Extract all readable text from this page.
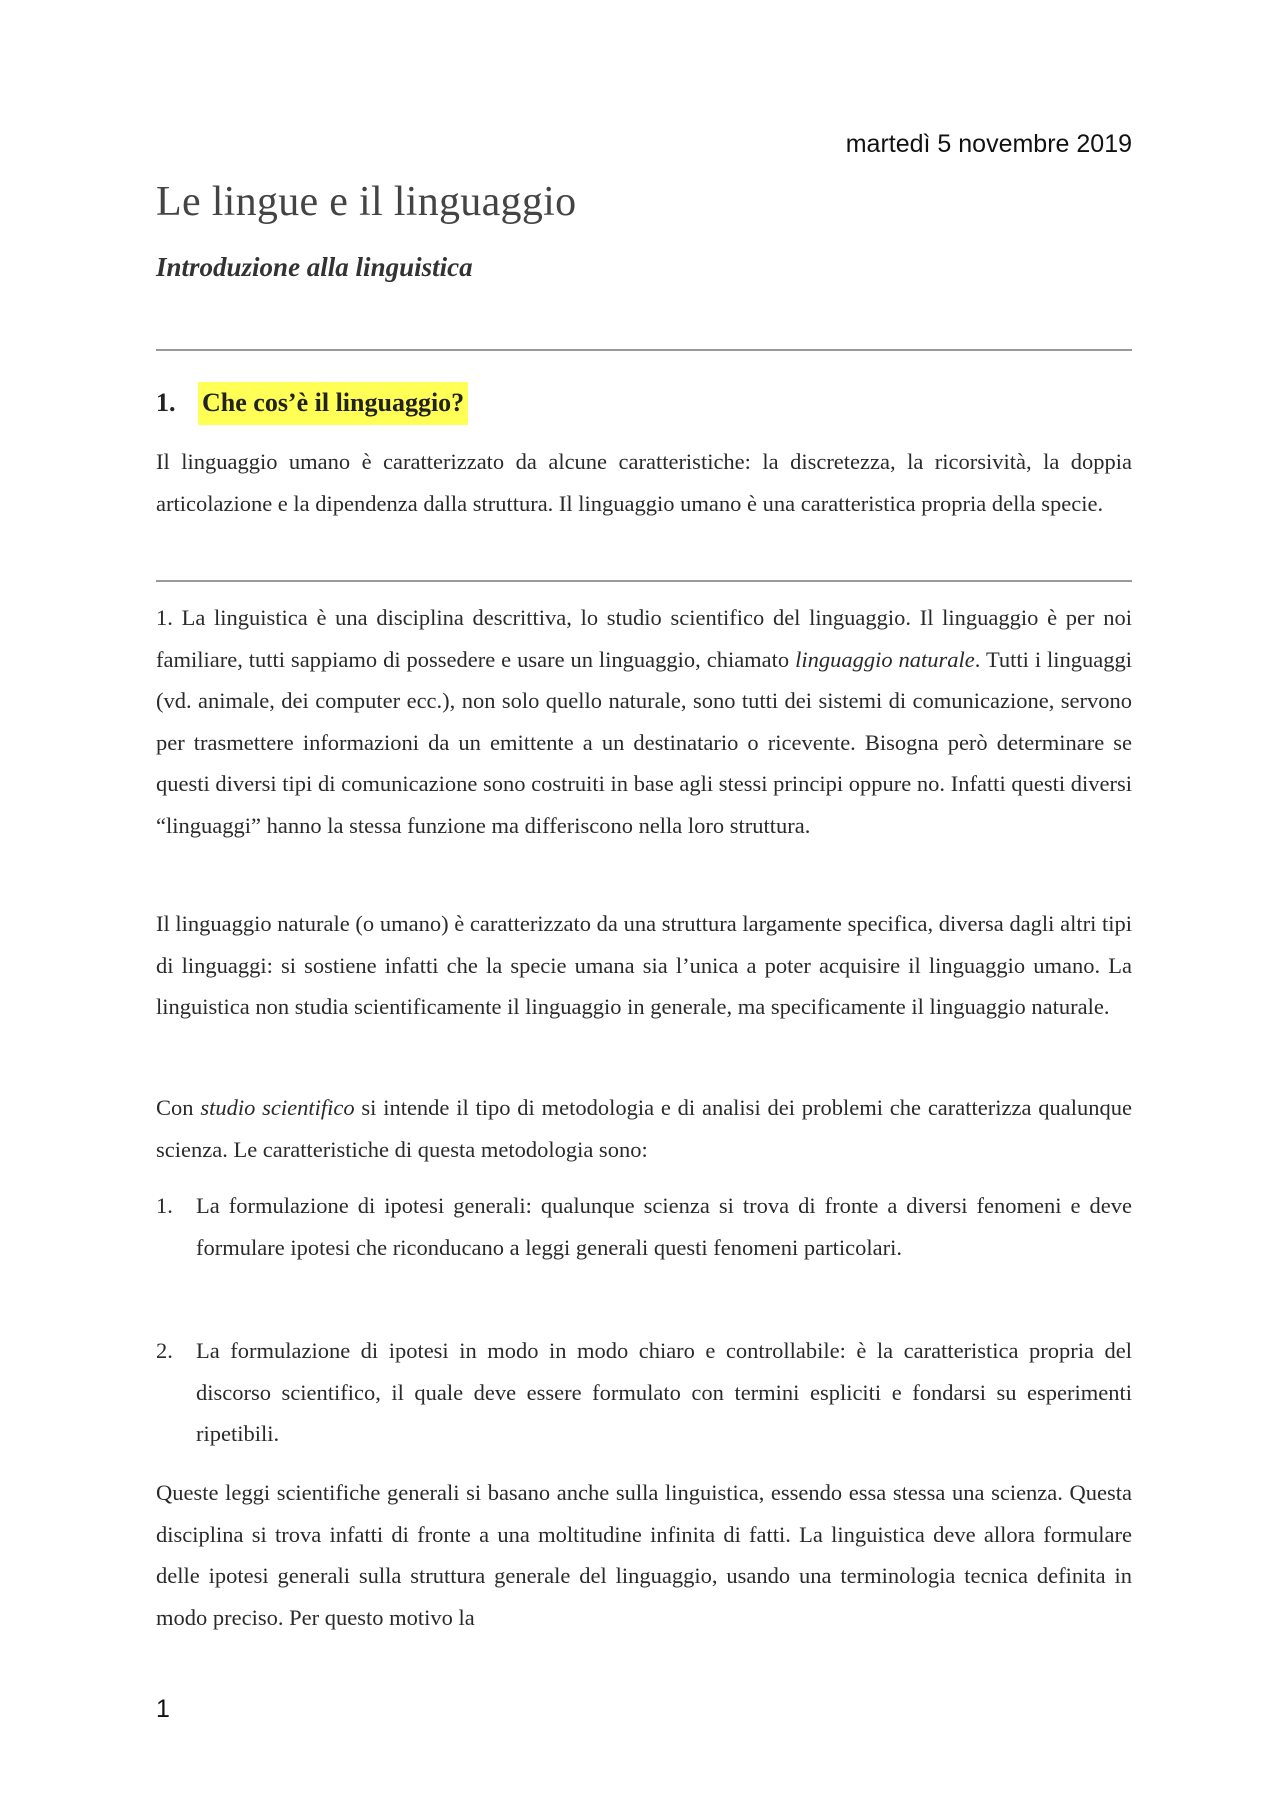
martedì 5 novembre 2019
Le lingue e il linguaggio
Introduzione alla linguistica
1. Che cos’è il linguaggio?

Il linguaggio umano è caratterizzato da alcune caratteristiche: la discretezza, la ricorsività, la doppia articolazione e la dipendenza dalla struttura. Il linguaggio umano è una caratteristica propria della specie.

1. La linguistica è una disciplina descrittiva, lo studio scientifico del linguaggio. Il linguaggio è per noi familiare, tutti sappiamo di possedere e usare un linguaggio, chiamato linguaggio naturale. Tutti i linguaggi (vd. animale, dei computer ecc.), non solo quello naturale, sono tutti dei sistemi di comunicazione, servono per trasmettere informazioni da un emittente a un destinatario o ricevente. Bisogna però determinare se questi diversi tipi di comunicazione sono costruiti in base agli stessi principi oppure no. Infatti questi diversi “linguaggi” hanno la stessa funzione ma differiscono nella loro struttura.

Il linguaggio naturale (o umano) è caratterizzato da una struttura largamente specifica, diversa dagli altri tipi di linguaggi: si sostiene infatti che la specie umana sia l’unica a poter acquisire il linguaggio umano. La linguistica non studia scientificamente il linguaggio in generale, ma specificamente il linguaggio naturale.

Con studio scientifico si intende il tipo di metodologia e di analisi dei problemi che caratterizza qualunque scienza. Le caratteristiche di questa metodologia sono:

1. La formulazione di ipotesi generali: qualunque scienza si trova di fronte a diversi fenomeni e deve formulare ipotesi che riconducano a leggi generali questi fenomeni particolari.
2. La formulazione di ipotesi in modo in modo chiaro e controllabile: è la caratteristica propria del discorso scientifico, il quale deve essere formulato con termini espliciti e fondarsi su esperimenti ripetibili.

Queste leggi scientifiche generali si basano anche sulla linguistica, essendo essa stessa una scienza. Questa disciplina si trova infatti di fronte a una moltitudine infinita di fatti. La linguistica deve allora formulare delle ipotesi generali sulla struttura generale del linguaggio, usando una terminologia tecnica definita in modo preciso. Per questo motivo la

1
